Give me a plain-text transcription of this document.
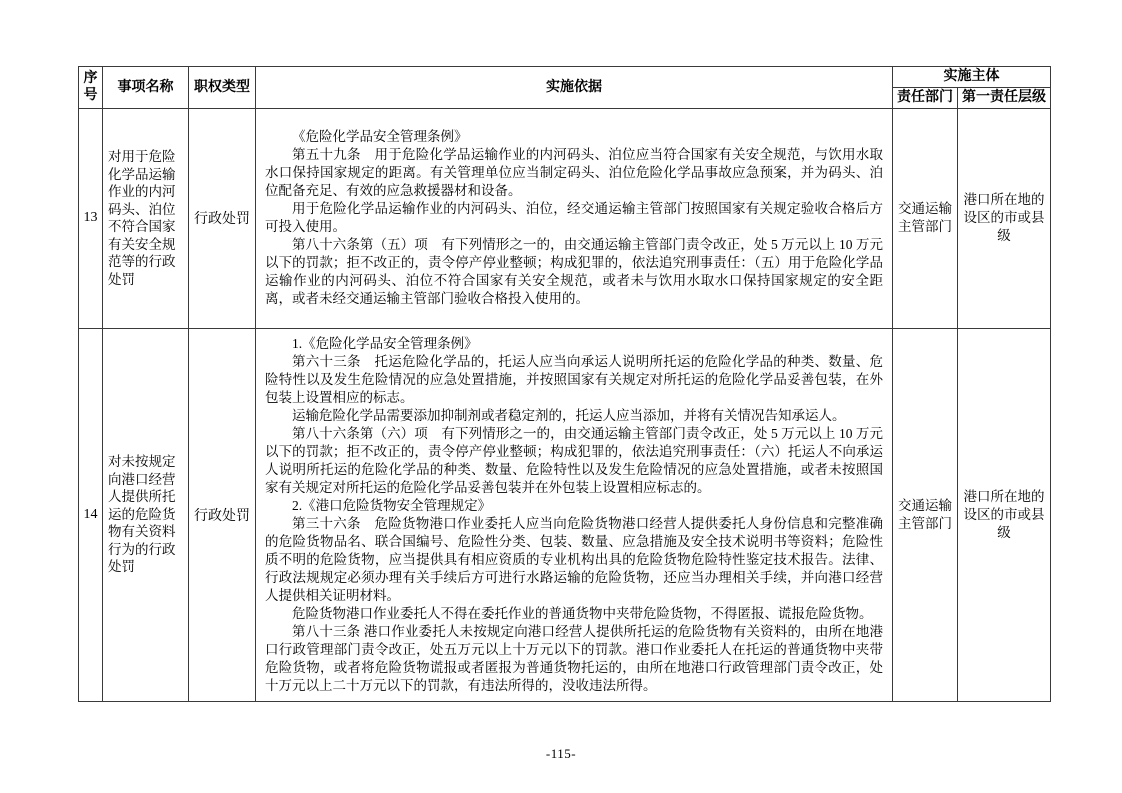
序号	事项名称	职权类型	实施依据	实施主体	
				责任部门	第一责任层级
13	对用于危险化学品运输作业的内河码头、泊位不符合国家有关安全规范等的行政处罚	行政处罚	《危险化学品安全管理条例》

第五十九条　用于危险化学品运输作业的内河码头、泊位应当符合国家有关安全规范，与饮用水取水口保持国家规定的距离。有关管理单位应当制定码头、泊位危险化学品事故应急预案，并为码头、泊位配备充足、有效的应急救援器材和设备。

用于危险化学品运输作业的内河码头、泊位，经交通运输主管部门按照国家有关规定验收合格后方可投入使用。

第八十六条第（五）项　有下列情形之一的，由交通运输主管部门责令改正，处 5 万元以上 10 万元以下的罚款；拒不改正的，责令停产停业整顿；构成犯罪的，依法追究刑事责任：（五）用于危险化学品运输作业的内河码头、泊位不符合国家有关安全规范，或者未与饮用水取水口保持国家规定的安全距离，或者未经交通运输主管部门验收合格投入使用的。	交通运输主管部门	港口所在地的设区的市或县级
14	对未按规定向港口经营人提供所托运的危险货物有关资料行为的行政处罚	行政处罚	

1.《危险化学品安全管理条例》

第六十三条　托运危险化学品的，托运人应当向承运人说明所托运的危险化学品的种类、数量、危险特性以及发生危险情况的应急处置措施，并按照国家有关规定对所托运的危险化学品妥善包装，在外包装上设置相应的标志。

运输危险化学品需要添加抑制剂或者稳定剂的，托运人应当添加，并将有关情况告知承运人。

第八十六条第（六）项　有下列情形之一的，由交通运输主管部门责令改正，处 5 万元以上 10 万元以下的罚款；拒不改正的，责令停产停业整顿；构成犯罪的，依法追究刑事责任：（六）托运人不向承运人说明所托运的危险化学品的种类、数量、危险特性以及发生危险情况的应急处置措施，或者未按照国家有关规定对所托运的危险化学品妥善包装并在外包装上设置相应标志的。

2.《港口危险货物安全管理规定》

第三十六条　危险货物港口作业委托人应当向危险货物港口经营人提供委托人身份信息和完整准确的危险货物品名、联合国编号、危险性分类、包装、数量、应急措施及安全技术说明书等资料；危险性质不明的危险货物，应当提供具有相应资质的专业机构出具的危险货物危险特性鉴定技术报告。法律、行政法规规定必须办理有关手续后方可进行水路运输的危险货物，还应当办理相关手续，并向港口经营人提供相关证明材料。

危险货物港口作业委托人不得在委托作业的普通货物中夹带危险货物，不得匿报、谎报危险货物。

第八十三条 港口作业委托人未按规定向港口经营人提供所托运的危险货物有关资料的，由所在地港口行政管理部门责令改正，处五万元以上十万元以下的罚款。港口作业委托人在托运的普通货物中夹带危险货物，或者将危险货物谎报或者匿报为普通货物托运的，由所在地港口行政管理部门责令改正，处十万元以上二十万元以下的罚款，有违法所得的，没收违法所得。

	交通运输主管部门	港口所在地的设区的市或县级
-115-
